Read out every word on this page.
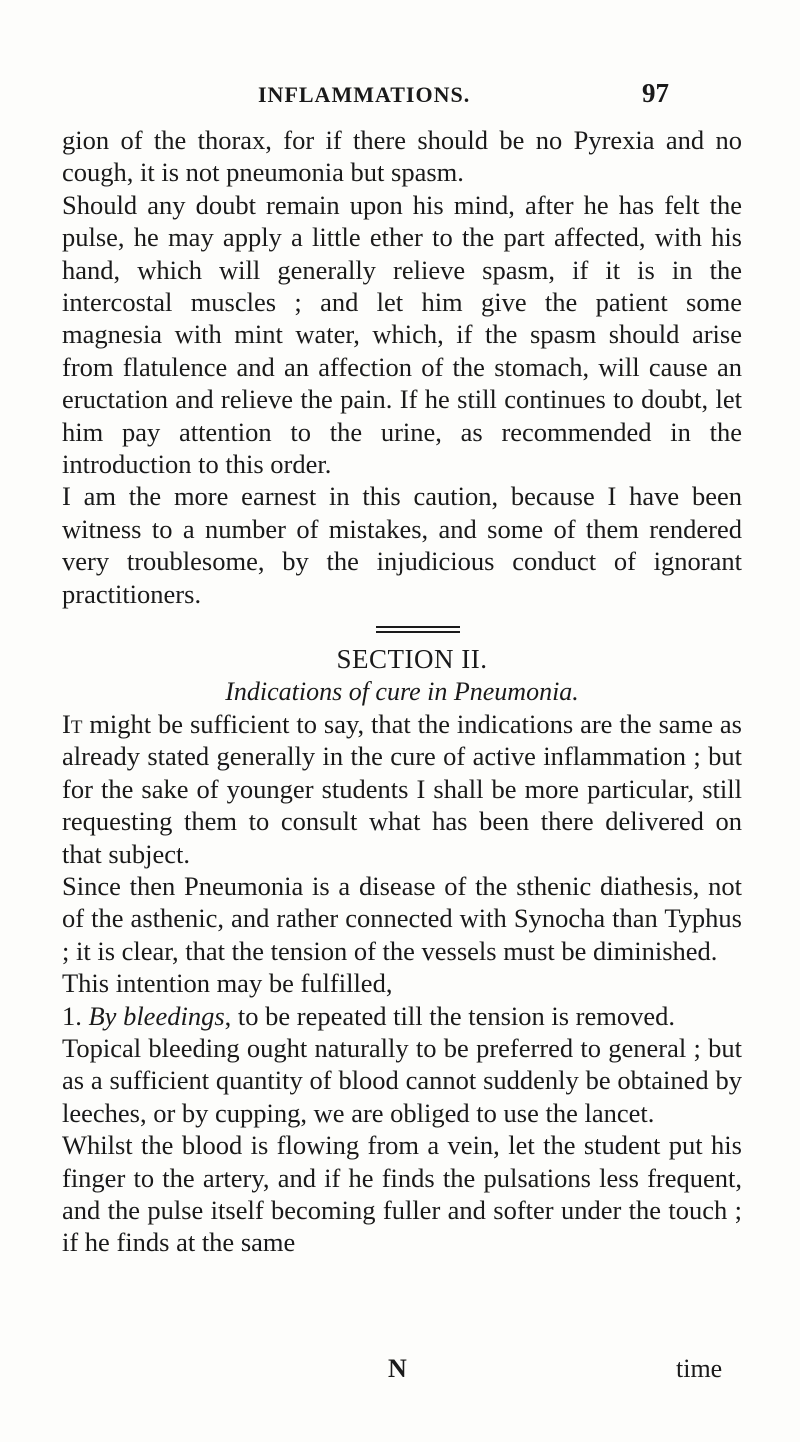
INFLAMMATIONS.	97

gion of the thorax, for if there should be no Pyrexia and no cough, it is not pneumonia but spasm.

Should any doubt remain upon his mind, after he has felt the pulse, he may apply a little ether to the part affected, with his hand, which will generally relieve spasm, if it is in the intercostal muscles ; and let him give the patient some magnesia with mint water, which, if the spasm should arise from flatulence and an affection of the stomach, will cause an eructation and relieve the pain. If he still continues to doubt, let him pay attention to the urine, as recommended in the introduction to this order.

I am the more earnest in this caution, because I have been witness to a number of mistakes, and some of them rendered very troublesome, by the injudicious conduct of ignorant practitioners.

SECTION II.

Indications of cure in Pneumonia.

It might be sufficient to say, that the indications are the same as already stated generally in the cure of active inflammation ; but for the sake of younger students I shall be more particular, still requesting them to consult what has been there delivered on that subject.

Since then Pneumonia is a disease of the sthenic diathesis, not of the asthenic, and rather connected with Synocha than Typhus ; it is clear, that the tension of the vessels must be diminished.

This intention may be fulfilled,

1. By bleedings, to be repeated till the tension is removed.

Topical bleeding ought naturally to be preferred to general ; but as a sufficient quantity of blood cannot suddenly be obtained by leeches, or by cupping, we are obliged to use the lancet.

Whilst the blood is flowing from a vein, let the student put his finger to the artery, and if he finds the pulsations less frequent, and the pulse itself becoming fuller and softer under the touch ; if he finds at the same

N	time
